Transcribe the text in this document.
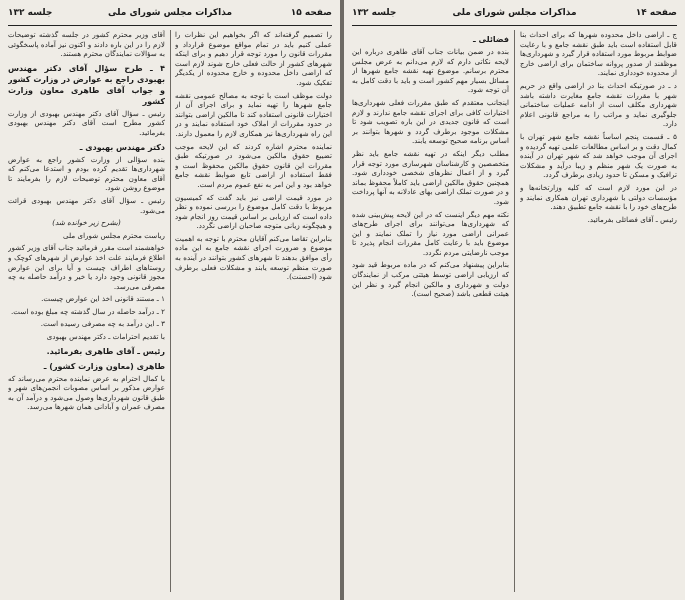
صفحه ۱۵
مذاکرات مجلس شورای ملی
جلسه ۱۳۲

را تصمیم گرفته‌اند که اگر بخواهیم این نظرات را عملی کنیم باید در تمام مواقع موضوع قرارداد و مقررات قانون را مورد توجه قرار دهیم و برای اینکه شهرهای کشور از حالت فعلی خارج شوند لازم است که اراضی داخل محدوده و خارج محدوده از یکدیگر تفکیک شود.

دولت موظف است با توجه به مصالح عمومی نقشه جامع شهرها را تهیه نماید و برای اجرای آن از اختیارات قانونی استفاده کند تا مالکین اراضی بتوانند در حدود مقررات از املاک خود استفاده نمایند و در این راه شهرداری‌ها نیز همکاری لازم را معمول دارند.

نماینده محترم اشاره کردند که این لایحه موجب تضییع حقوق مالکین می‌شود در صورتیکه طبق مقررات این قانون حقوق مالکین محفوظ است و فقط استفاده از اراضی تابع ضوابط نقشه جامع خواهد بود و این امر به نفع عموم مردم است.

در مورد قیمت اراضی نیز باید گفت که کمیسیون مربوط با دقت کامل موضوع را بررسی نموده و نظر داده است که ارزیابی بر اساس قیمت روز انجام شود و هیچگونه زیانی متوجه صاحبان اراضی نگردد.

بنابراین تقاضا می‌کنم آقایان محترم با توجه به اهمیت موضوع و ضرورت اجرای نقشه جامع به این ماده رأی موافق بدهند تا شهرهای کشور بتوانند در آینده به صورت منظم توسعه یابند و مشکلات فعلی برطرف شود (احسنت).

آقای وزیر محترم کشور در جلسه گذشته توضیحات لازم را در این باره دادند و اکنون نیز آماده پاسخگوئی به سؤالات نمایندگان محترم هستند.

۴ ـ طرح سؤال آقای دکتر مهندس بهبودی راجع به عوارض در وزارت کشور و جواب آقای طاهری معاون وزارت کشور

رئیس ـ سؤال آقای دکتر مهندس بهبودی از وزارت کشور مطرح است آقای دکتر مهندس بهبودی بفرمائید.

دکتر مهندس بهبودی ـ

بنده سؤالی از وزارت کشور راجع به عوارض شهرداری‌ها تقدیم کرده بودم و استدعا می‌کنم که آقای معاون محترم توضیحات لازم را بفرمایند تا موضوع روشن شود.

رئیس ـ سؤال آقای دکتر مهندس بهبودی قرائت می‌شود.

(بشرح زیر خوانده شد)

ریاست محترم مجلس شورای ملی

خواهشمند است مقرر فرمائید جناب آقای وزیر کشور اطلاع فرمایند علت اخذ عوارض از شهرهای کوچک و روستاهای اطراف چیست و آیا برای این عوارض مجوز قانونی وجود دارد یا خیر و درآمد حاصله به چه مصرفی می‌رسد.

۱ ـ مستند قانونی اخذ این عوارض چیست.

۲ ـ درآمد حاصله در سال گذشته چه مبلغ بوده است.

۳ ـ این درآمد به چه مصرفی رسیده است.

با تقدیم احترامات ـ دکتر مهندس بهبودی

رئیس ـ آقای طاهری بفرمائید.

طاهری (معاون وزارت کشور) ـ

با کمال احترام به عرض نماینده محترم می‌رساند که عوارض مذکور بر اساس مصوبات انجمن‌های شهر و طبق قانون شهرداری‌ها وصول می‌شود و درآمد آن به مصرف عمران و آبادانی همان شهرها می‌رسد.

صفحه ۱۴
مذاکرات مجلس شورای ملی
جلسه ۱۳۲

ج ـ اراضی داخل محدوده شهرها که برای احداث بنا قابل استفاده است باید طبق نقشه جامع و با رعایت ضوابط مربوط مورد استفاده قرار گیرد و شهرداری‌ها موظفند از صدور پروانه ساختمان برای اراضی خارج از محدوده خودداری نمایند.

د ـ در صورتیکه احداث بنا در اراضی واقع در حریم شهر با مقررات نقشه جامع مغایرت داشته باشد شهرداری مکلف است از ادامه عملیات ساختمانی جلوگیری نماید و مراتب را به مراجع قانونی اعلام دارد.

۵ ـ قسمت پنجم اساساً نقشه جامع شهر تهران با کمال دقت و بر اساس مطالعات علمی تهیه گردیده و اجرای آن موجب خواهد شد که شهر تهران در آینده به صورت یک شهر منظم و زیبا درآید و مشکلات ترافیک و مسکن تا حدود زیادی برطرف گردد.

در این مورد لازم است که کلیه وزارتخانه‌ها و مؤسسات دولتی با شهرداری تهران همکاری نمایند و طرح‌های خود را با نقشه جامع تطبیق دهند.

رئیس ـ آقای فضائلی بفرمائید.

فضائلی ـ

بنده در ضمن بیانات جناب آقای طاهری درباره این لایحه نکاتی دارم که لازم می‌دانم به عرض مجلس محترم برسانم. موضوع تهیه نقشه جامع شهرها از مسائل بسیار مهم کشور است و باید با دقت کامل به آن توجه شود.

اینجانب معتقدم که طبق مقررات فعلی شهرداری‌ها اختیارات کافی برای اجرای نقشه جامع ندارند و لازم است که قانون جدیدی در این باره تصویب شود تا مشکلات موجود برطرف گردد و شهرها بتوانند بر اساس برنامه صحیح توسعه یابند.

مطلب دیگر اینکه در تهیه نقشه جامع باید نظر متخصصین و کارشناسان شهرسازی مورد توجه قرار گیرد و از اعمال نظرهای شخصی خودداری شود. همچنین حقوق مالکین اراضی باید کاملاً محفوظ بماند و در صورت تملک اراضی بهای عادلانه به آنها پرداخت شود.

نکته مهم دیگر اینست که در این لایحه پیش‌بینی شده که شهرداری‌ها می‌توانند برای اجرای طرح‌های عمرانی اراضی مورد نیاز را تملک نمایند و این موضوع باید با رعایت کامل مقررات انجام پذیرد تا موجب نارضایتی مردم نگردد.

بنابراین پیشنهاد می‌کنم که در ماده مربوط قید شود که ارزیابی اراضی توسط هیئتی مرکب از نمایندگان دولت و شهرداری و مالکین انجام گیرد و نظر این هیئت قطعی باشد (صحیح است).
